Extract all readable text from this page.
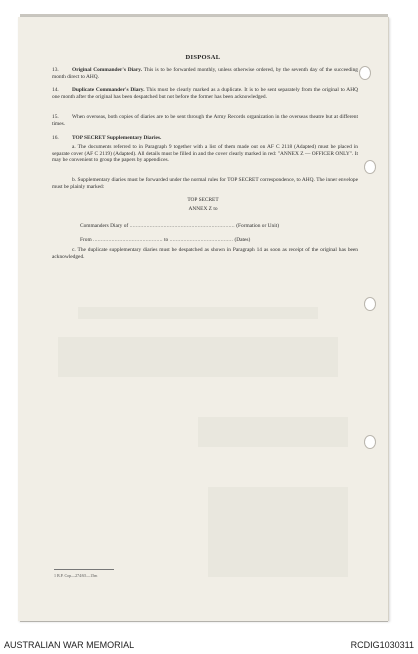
DISPOSAL
13. Original Commander's Diary. This is to be forwarded monthly, unless otherwise ordered, by the seventh day of the succeeding month direct to AHQ.
14. Duplicate Commander's Diary. This must be clearly marked as a duplicate. It is to be sent separately from the original to AHQ one month after the original has been despatched but not before the former has been acknowledged.
15. When overseas, both copies of diaries are to be sent through the Army Records organization in the overseas theatre but at different times.
16. TOP SECRET Supplementary Diaries.
a. The documents referred to in Paragraph 9 together with a list of them made out on AF C 2118 (Adapted) must be placed in separate cover (AF C 2119) (Adapted). All details must be filled in and the cover clearly marked in red: "ANNEX Z — OFFICER ONLY". It may be convenient to group the papers by appendices.
b. Supplementary diaries must be forwarded under the normal rules for TOP SECRET correspondence, to AHQ. The inner envelope must be plainly marked:
TOP SECRET
ANNEX Z to
Commanders Diary of .................................................................... (Formation or Unit)
From ............................................. to ......................................... (Dates)
c. The duplicate supplementary diaries must be despatched as shown in Paragraph 14 as soon as receipt of the original has been acknowledged.
1 B.P. Cop—274/65—15m
AUSTRALIAN WAR MEMORIAL	RCDIG1030311
